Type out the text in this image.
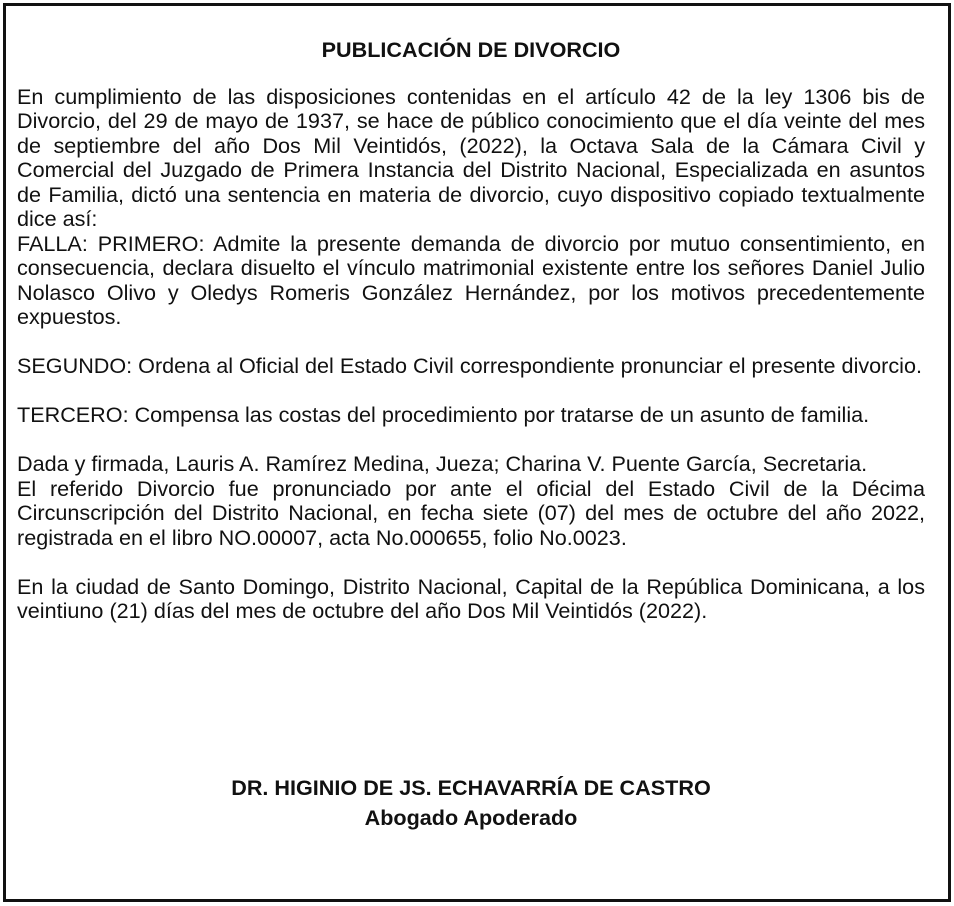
PUBLICACIÓN DE DIVORCIO

En cumplimiento de las disposiciones contenidas en el artículo 42 de la ley 1306 bis de Divorcio, del 29 de mayo de 1937, se hace de público conocimiento que el día veinte del mes de septiembre del año Dos Mil Veintidós, (2022), la Octava Sala de la Cámara Civil y Comercial del Juzgado de Primera Instancia del Distrito Nacional, Especializada en asuntos de Familia, dictó una sentencia en materia de divorcio, cuyo dispositivo copiado textualmente dice así:

FALLA: PRIMERO: Admite la presente demanda de divorcio por mutuo consentimiento, en consecuencia, declara disuelto el vínculo matrimonial existente entre los señores Daniel Julio Nolasco Olivo y Oledys Romeris González Hernández, por los motivos precedentemente expuestos.

SEGUNDO: Ordena al Oficial del Estado Civil correspondiente pronunciar el presente divorcio.

TERCERO: Compensa las costas del procedimiento por tratarse de un asunto de familia.

Dada y firmada, Lauris A. Ramírez Medina, Jueza; Charina V. Puente García, Secretaria.

El referido Divorcio fue pronunciado por ante el oficial del Estado Civil de la Décima Circunscripción del Distrito Nacional, en fecha siete (07) del mes de octubre del año 2022, registrada en el libro NO.00007, acta No.000655, folio No.0023.

En la ciudad de Santo Domingo, Distrito Nacional, Capital de la República Dominicana, a los veintiuno (21) días del mes de octubre del año Dos Mil Veintidós (2022).

DR. HIGINIO DE JS. ECHAVARRÍA DE CASTRO
Abogado Apoderado
